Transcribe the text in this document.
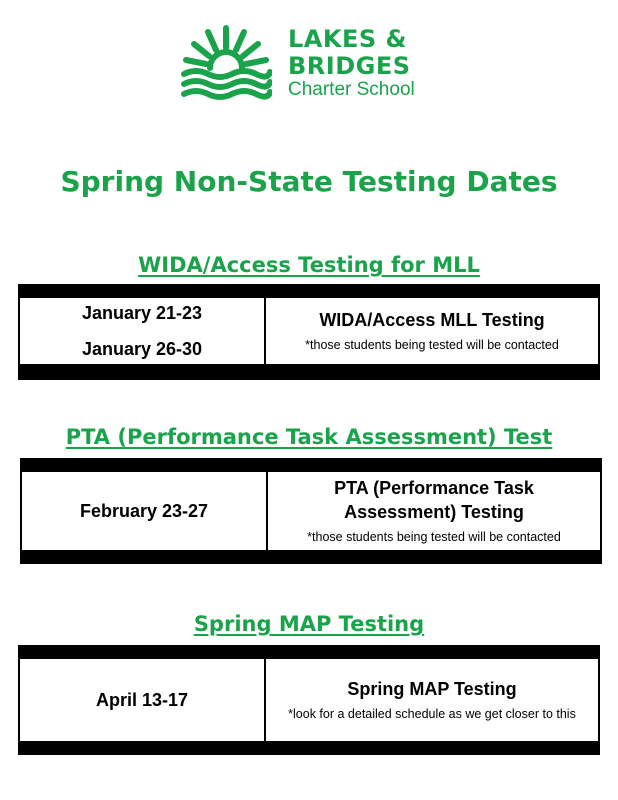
LAKES &
BRIDGES
Charter School
Spring Non-State Testing Dates
WIDA/Access Testing for MLL
January 21-23
January 26-30
WIDA/Access MLL Testing
*those students being tested will be contacted
PTA (Performance Task Assessment) Test
February 23-27
PTA (Performance Task
Assessment) Testing
*those students being tested will be contacted
Spring MAP Testing
April 13-17
Spring MAP Testing
*look for a detailed schedule as we get closer to this
